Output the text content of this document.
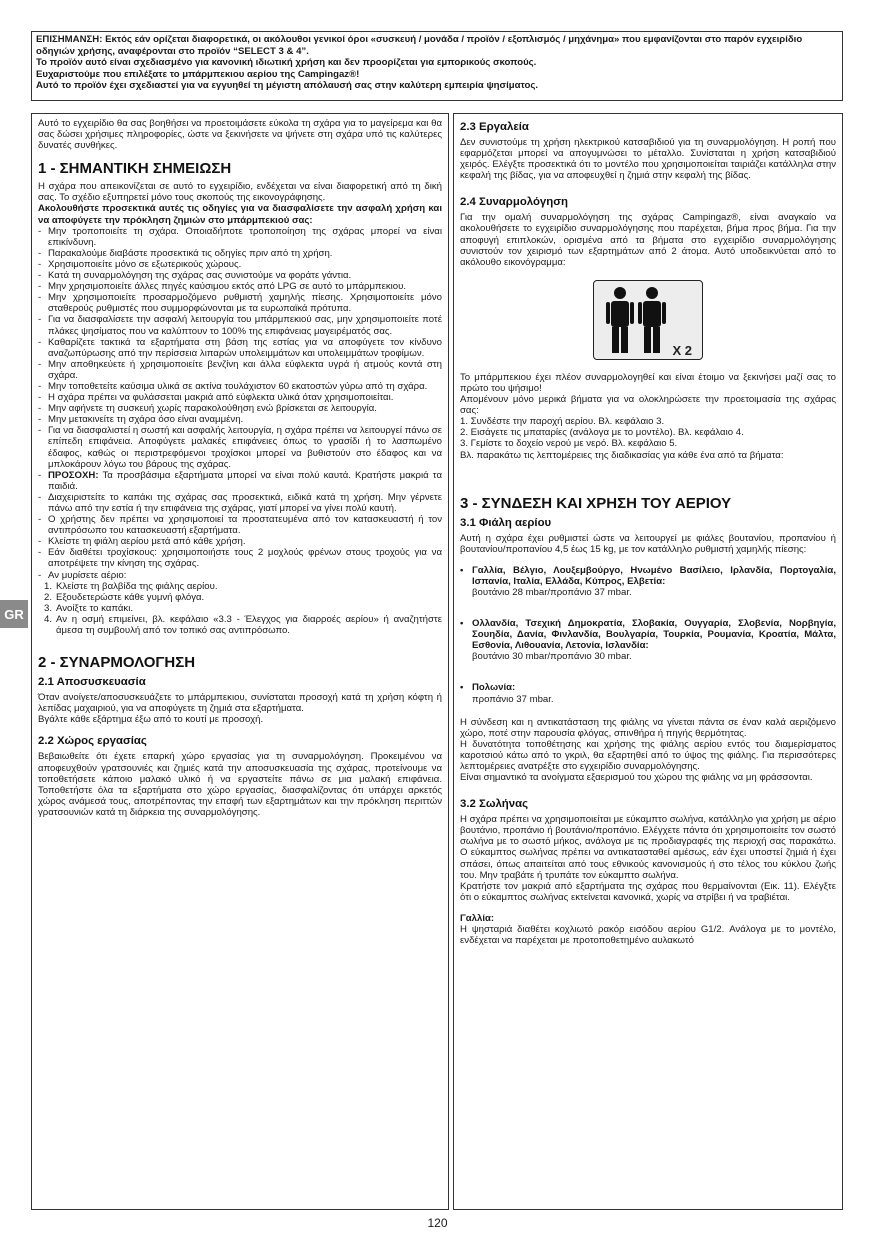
ΕΠΙΣΗΜΑΝΣΗ: Εκτός εάν ορίζεται διαφορετικά, οι ακόλουθοι γενικοί όροι «συσκευή / μονάδα / προϊόν / εξοπλισμός / μηχάνημα» που εμφανίζονται στο παρόν εγχειρίδιο οδηγιών χρήσης, αναφέρονται στο προϊόν “SELECT 3 & 4”.

Το προϊόν αυτό είναι σχεδιασμένο για κανονική ιδιωτική χρήση και δεν προορίζεται για εμπορικούς σκοπούς.

Ευχαριστούμε που επιλέξατε το μπάρμπεκιου αερίου της Campingaz®!

Αυτό το προϊόν έχει σχεδιαστεί για να εγγυηθεί τη μέγιστη απόλαυσή σας στην καλύτερη εμπειρία ψησίματος.

Αυτό το εγχειρίδιο θα σας βοηθήσει να προετοιμάσετε εύκολα τη σχάρα για το μαγείρεμα και θα σας δώσει χρήσιμες πληροφορίες, ώστε να ξεκινήσετε να ψήνετε στη σχάρα υπό τις καλύτερες δυνατές συνθήκες.

1 - ΣΗΜΑΝΤΙΚΗ ΣΗΜΕΙΩΣΗ

Η σχάρα που απεικονίζεται σε αυτό το εγχειρίδιο, ενδέχεται να είναι διαφορετική από τη δική σας. Το σχέδιο εξυπηρετεί μόνο τους σκοπούς της εικονογράφησης.

Ακολουθήστε προσεκτικά αυτές τις οδηγίες για να διασφαλίσετε την ασφαλή χρήση και να αποφύγετε την πρόκληση ζημιών στο μπάρμπεκιού σας:

- Μην τροποποιείτε τη σχάρα. Οποιαδήποτε τροποποίηση της σχάρας μπορεί να είναι επικίνδυνη.
- Παρακαλούμε διαβάστε προσεκτικά τις οδηγίες πριν από τη χρήση.
- Χρησιμοποιείτε μόνο σε εξωτερικούς χώρους.
- Κατά τη συναρμολόγηση της σχάρας σας συνιστούμε να φοράτε γάντια.
- Μην χρησιμοποιείτε άλλες πηγές καύσιμου εκτός από LPG σε αυτό το μπάρμπεκιου.
- Μην χρησιμοποιείτε προσαρμοζόμενο ρυθμιστή χαμηλής πίεσης. Χρησιμοποιείτε μόνο σταθερούς ρυθμιστές που συμμορφώνονται με τα ευρωπαϊκά πρότυπα.
- Για να διασφαλίσετε την ασφαλή λειτουργία του μπάρμπεκιού σας, μην χρησιμοποιείτε ποτέ πλάκες ψησίματος που να καλύπτουν το 100% της επιφάνειας μαγειρέματός σας.
- Καθαρίζετε τακτικά τα εξαρτήματα στη βάση της εστίας για να αποφύγετε τον κίνδυνο αναζωπύρωσης από την περίσσεια λιπαρών υπολειμμάτων και υπολειμμάτων τροφίμων.
- Μην αποθηκεύετε ή χρησιμοποιείτε βενζίνη και άλλα εύφλεκτα υγρά ή ατμούς κοντά στη σχάρα.
- Μην τοποθετείτε καύσιμα υλικά σε ακτίνα τουλάχιστον 60 εκατοστών γύρω από τη σχάρα.
- Η σχάρα πρέπει να φυλάσσεται μακριά από εύφλεκτα υλικά όταν χρησιμοποιείται.
- Μην αφήνετε τη συσκευή χωρίς παρακολούθηση ενώ βρίσκεται σε λειτουργία.
- Μην μετακινείτε τη σχάρα όσο είναι αναμμένη.
- Για να διασφαλιστεί η σωστή και ασφαλής λειτουργία, η σχάρα πρέπει να λειτουργεί πάνω σε επίπεδη επιφάνεια. Αποφύγετε μαλακές επιφάνειες όπως το γρασίδι ή το λασπωμένο έδαφος, καθώς οι περιστρεφόμενοι τροχίσκοι μπορεί να βυθιστούν στο έδαφος και να μπλοκάρουν λόγω του βάρους της σχάρας.
- ΠΡΟΣΟΧΗ: Τα προσβάσιμα εξαρτήματα μπορεί να είναι πολύ καυτά. Κρατήστε μακριά τα παιδιά.
- Διαχειριστείτε το καπάκι της σχάρας σας προσεκτικά, ειδικά κατά τη χρήση. Μην γέρνετε πάνω από την εστία ή την επιφάνεια της σχάρας, γιατί μπορεί να γίνει πολύ καυτή.
- Ο χρήστης δεν πρέπει να χρησιμοποιεί τα προστατευμένα από τον κατασκευαστή ή τον αντιπρόσωπο του κατασκευαστή εξαρτήματα.
- Κλείστε τη φιάλη αερίου μετά από κάθε χρήση.
- Εάν διαθέτει τροχίσκους: χρησιμοποιήστε τους 2 μοχλούς φρένων στους τροχούς για να αποτρέψετε την κίνηση της σχάρας.
- Αν μυρίσετε αέριο:
1. Κλείστε τη βαλβίδα της φιάλης αερίου.
2. Εξουδετερώστε κάθε γυμνή φλόγα.
3. Ανοίξτε το καπάκι.
4. Αν η οσμή επιμείνει, βλ. κεφάλαιο «3.3 - Έλεγχος για διαρροές αερίου» ή αναζητήστε άμεσα τη συμβουλή από τον τοπικό σας αντιπρόσωπο.
2 - ΣΥΝΑΡΜΟΛΟΓΗΣΗ
2.1 Αποσυσκευασία

Όταν ανοίγετε/αποσυσκευάζετε το μπάρμπεκιου, συνίσταται προσοχή κατά τη χρήση κόφτη ή λεπίδας μαχαιριού, για να αποφύγετε τη ζημιά στα εξαρτήματα.

Βγάλτε κάθε εξάρτημα έξω από το κουτί με προσοχή.

2.2 Χώρος εργασίας

Βεβαιωθείτε ότι έχετε επαρκή χώρο εργασίας για τη συναρμολόγηση. Προκειμένου να αποφευχθούν γρατσουνιές και ζημιές κατά την αποσυσκευασία της σχάρας, προτείνουμε να τοποθετήσετε κάποιο μαλακό υλικό ή να εργαστείτε πάνω σε μια μαλακή επιφάνεια. Τοποθετήστε όλα τα εξαρτήματα στο χώρο εργασίας, διασφαλίζοντας ότι υπάρχει αρκετός χώρος ανάμεσά τους, αποτρέποντας την επαφή των εξαρτημάτων και την πρόκληση περιττών γρατσουνιών κατά τη διάρκεια της συναρμολόγησης.

2.3 Εργαλεία

Δεν συνιστούμε τη χρήση ηλεκτρικού κατσαβιδιού για τη συναρμολόγηση. Η ροπή που εφαρμόζεται μπορεί να απογυμνώσει το μέταλλο. Συνίσταται η χρήση κατσαβιδιού χειρός. Ελέγξτε προσεκτικά ότι το μοντέλο που χρησιμοποιείται ταιριάζει κατάλληλα στην κεφαλή της βίδας, για να αποφευχθεί η ζημιά στην κεφαλή της βίδας.

2.4 Συναρμολόγηση

Για την ομαλή συναρμολόγηση της σχάρας Campingaz®, είναι αναγκαίο να ακολουθήσετε το εγχειρίδιο συναρμολόγησης που παρέχεται, βήμα προς βήμα. Για την αποφυγή επιπλοκών, ορισμένα από τα βήματα στο εγχειρίδιο συναρμολόγησης συνιστούν τον χειρισμό των εξαρτημάτων από 2 άτομα. Αυτό υποδεικνύεται από το ακόλουθο εικονόγραμμα:

X 2

Το μπάρμπεκιου έχει πλέον συναρμολογηθεί και είναι έτοιμο να ξεκινήσει μαζί σας το πρώτο του ψήσιμο!

Απομένουν μόνο μερικά βήματα για να ολοκληρώσετε την προετοιμασία της σχάρας σας:

1. Συνδέστε την παροχή αερίου. Βλ. κεφάλαιο 3.

2. Εισάγετε τις μπαταρίες (ανάλογα με το μοντέλο). Βλ. κεφάλαιο 4.

3. Γεμίστε το δοχείο νερού με νερό. Βλ. κεφάλαιο 5.

Βλ. παρακάτω τις λεπτομέρειες της διαδικασίας για κάθε ένα από τα βήματα:

3 - ΣΥΝΔΕΣΗ ΚΑΙ ΧΡΗΣΗ ΤΟΥ ΑΕΡΙΟΥ
3.1 Φιάλη αερίου

Αυτή η σχάρα έχει ρυθμιστεί ώστε να λειτουργεί με φιάλες βουτανίου, προπανίου ή βουτανίου/προπανίου 4,5 έως 15 kg, με τον κατάλληλο ρυθμιστή χαμηλής πίεσης:

• Γαλλία, Βέλγιο, Λουξεμβούργο, Ηνωμένο Βασίλειο, Ιρλανδία, Πορτογαλία, Ισπανία, Ιταλία, Ελλάδα, Κύπρος, Ελβετία:
βουτάνιο 28 mbar/προπάνιο 37 mbar.
• Ολλανδία, Τσεχική Δημοκρατία, Σλοβακία, Ουγγαρία, Σλοβενία, Νορβηγία, Σουηδία, Δανία, Φινλανδία, Βουλγαρία, Τουρκία, Ρουμανία, Κροατία, Μάλτα, Εσθονία, Λιθουανία, Λετονία, Ισλανδία:
βουτάνιο 30 mbar/προπάνιο 30 mbar.
• Πολωνία:
προπάνιο 37 mbar.

Η σύνδεση και η αντικατάσταση της φιάλης να γίνεται πάντα σε έναν καλά αεριζόμενο χώρο, ποτέ στην παρουσία φλόγας, σπινθήρα ή πηγής θερμότητας.

Η δυνατότητα τοποθέτησης και χρήσης της φιάλης αερίου εντός του διαμερίσματος καροτσιού κάτω από το γκριλ, θα εξαρτηθεί από το ύψος της φιάλης. Για περισσότερες λεπτομέρειες ανατρέξτε στο εγχειρίδιο συναρμολόγησης.

Είναι σημαντικό τα ανοίγματα εξαερισμού του χώρου της φιάλης να μη φράσσονται.

3.2 Σωλήνας

Η σχάρα πρέπει να χρησιμοποιείται με εύκαμπτο σωλήνα, κατάλληλο για χρήση με αέριο βουτάνιο, προπάνιο ή βουτάνιο/προπάνιο. Ελέγχετε πάντα ότι χρησιμοποιείτε τον σωστό σωλήνα με το σωστό μήκος, ανάλογα με τις προδιαγραφές της περιοχή σας παρακάτω. Ο εύκαμπτος σωλήνας πρέπει να αντικατασταθεί αμέσως, εάν έχει υποστεί ζημιά ή έχει σπάσει, όπως απαιτείται από τους εθνικούς κανονισμούς ή στο τέλος του κύκλου ζωής του. Μην τραβάτε ή τρυπάτε τον εύκαμπτο σωλήνα.

Κρατήστε τον μακριά από εξαρτήματα της σχάρας που θερμαίνονται (Εικ. 11). Ελέγξτε ότι ο εύκαμπτος σωλήνας εκτείνεται κανονικά, χωρίς να στρίβει ή να τραβιέται.

Γαλλία:

Η ψησταριά διαθέτει κοχλιωτό ρακόρ εισόδου αερίου G1/2. Ανάλογα με το μοντέλο, ενδέχεται να παρέχεται με προτοποθετημένο αυλακωτό

GR
120
